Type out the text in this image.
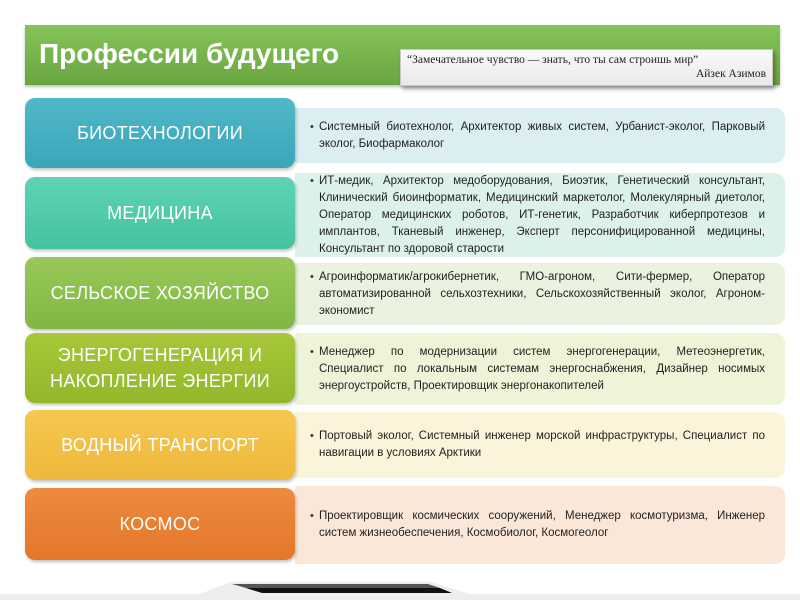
Профессии будущего	“Замечательное чувство — знать, что ты сам строишь мир”
Айзек Азимов
• Системный биотехнолог, Архитектор живых систем, Урбанист-эколог, Парковый эколог, Биофармаколог
БИОТЕХНОЛОГИИ
• ИТ-медик, Архитектор медоборудования, Биоэтик, Генетический консультант, Клинический биоинформатик, Медицинский маркетолог, Молекулярный диетолог, Оператор медицинских роботов, ИТ-генетик, Разработчик киберпротезов и имплантов, Тканевый инженер, Эксперт персонифицированной медицины, Консультант по здоровой старости
МЕДИЦИНА
• Агроинформатик/агрокибернетик, ГМО-агроном, Сити-фермер, Оператор автоматизированной сельхозтехники, Сельскохозяйственный эколог, Агроном-экономист
СЕЛЬСКОЕ ХОЗЯЙСТВО
• Менеджер по модернизации систем энергогенерации, Метеоэнергетик, Специалист по локальным системам энергоснабжения, Дизайнер носимых энергоустройств, Проектировщик энергонакопителей
ЭНЕРГОГЕНЕРАЦИЯ И НАКОПЛЕНИЕ ЭНЕРГИИ
• Портовый эколог, Системный инженер морской инфраструктуры, Специалист по навигации в условиях Арктики
ВОДНЫЙ ТРАНСПОРТ
• Проектировщик космических сооружений, Менеджер космотуризма, Инженер систем жизнеобеспечения, Космобиолог, Космогеолог
КОСМОС
